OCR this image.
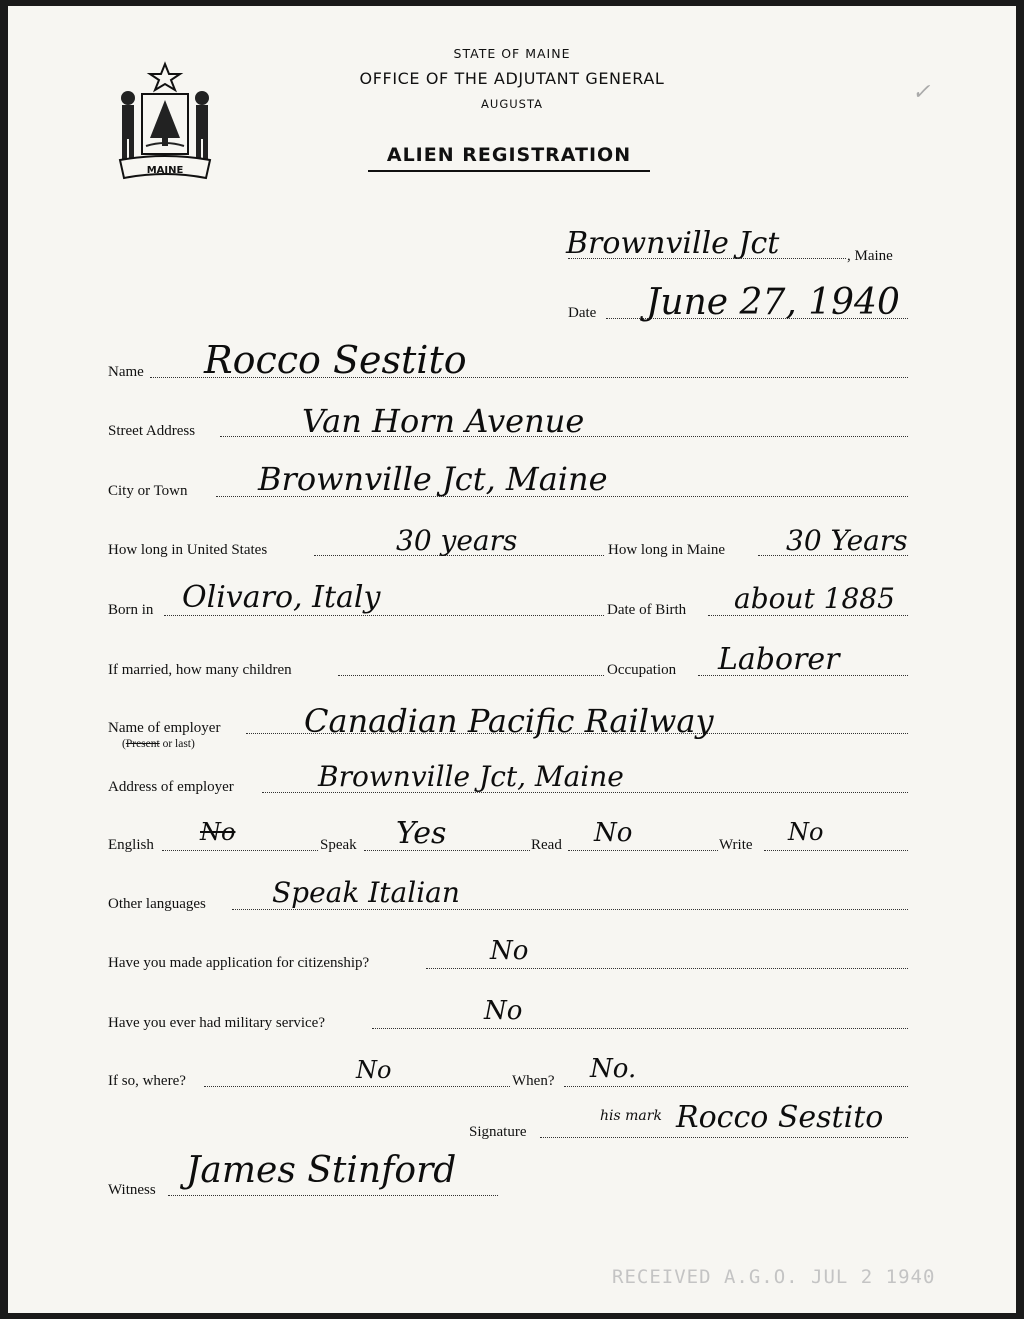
MAINE
STATE OF MAINE
OFFICE OF THE ADJUTANT GENERAL
AUGUSTA
ALIEN REGISTRATION
✓
Brownville Jct	, Maine
Date June 27, 1940
Name Rocco Sestito
Street Address	Van Horn Avenue
City or Town Brownville Jct, Maine
How long in United States	30 years	How long in Maine 30 Years
Born in Olivaro, Italy	Date of Birth about 1885
If married, how many children	Occupation Laborer
Name of employer
(Present or last)
Canadian Pacific Railway
Address of employer	Brownville Jct, Maine
English No	Speak Yes	Read No	Write No
Other languages Speak Italian
Have you made application for citizenship?	No
Have you ever had military service?	No
If so, where?	No	When? No.
Signature
his mark Rocco Sestito
Witness James Stinford
RECEIVED A.G.O. JUL 2 1940
